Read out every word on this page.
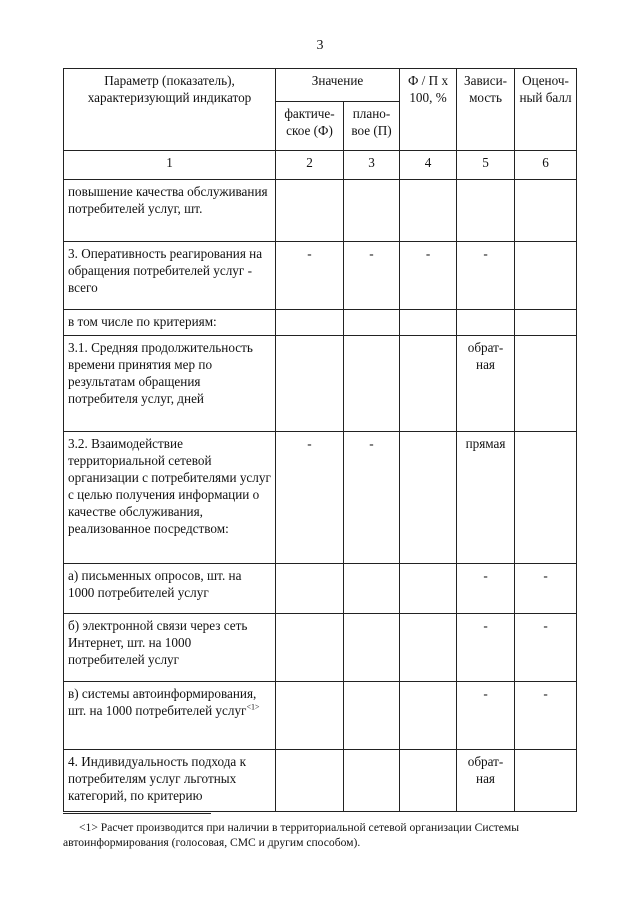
3
Параметр (показатель), характеризующий индикатор	Значение		Ф / П х 100, %	Зависи-мость	Оценоч-ный балл
	фактиче-ское (Ф)	плано-вое (П)			
1	2	3	4	5	6
повышение качества обслуживания потребителей услуг, шт.					
3. Оперативность реагирования на обращения потребителей услуг - всего	-	-	-	-	
в том числе по критериям:					
3.1. Средняя продолжительность времени принятия мер по результатам обращения потребителя услуг, дней				обрат-ная	
3.2. Взаимодействие территориальной сетевой организации с потребителями услуг с целью получения информации о качестве обслуживания, реализованное посредством:	-	-		прямая	
а) письменных опросов, шт. на 1000 потребителей услуг				-	-
б) электронной связи через сеть Интернет, шт. на 1000 потребителей услуг				-	-
в) системы автоинформирования, шт. на 1000 потребителей услуг$^{<1>}$				-	-
4. Индивидуальность подхода к потребителям услуг льготных категорий, по критерию				обрат-ная	
<1> Расчет производится при наличии в территориальной сетевой организации Системы автоинформирования (голосовая, СМС и другим способом).
